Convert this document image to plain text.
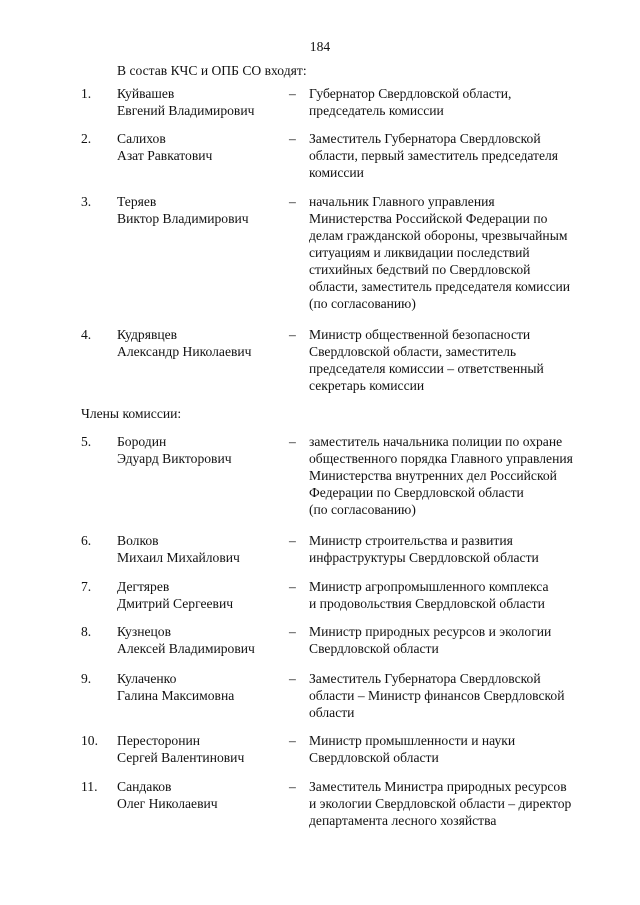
184
В состав КЧС и ОПБ СО входят:
1. Куйвашев
Евгений Владимирович
– Губернатор Свердловской области,
председатель комиссии
2. Салихов
Азат Равкатович
– Заместитель Губернатора Свердловской
области, первый заместитель председателя
комиссии
3. Теряев
Виктор Владимирович
– начальник Главного управления
Министерства Российской Федерации по
делам гражданской обороны, чрезвычайным
ситуациям и ликвидации последствий
стихийных бедствий по Свердловской
области, заместитель председателя комиссии
(по согласованию)
4. Кудрявцев
Александр Николаевич
– Министр общественной безопасности
Свердловской области, заместитель
председателя комиссии – ответственный
секретарь комиссии
Члены комиссии:
5. Бородин
Эдуард Викторович
– заместитель начальника полиции по охране
общественного порядка Главного управления
Министерства внутренних дел Российской
Федерации по Свердловской области
(по согласованию)
6. Волков
Михаил Михайлович
– Министр строительства и развития
инфраструктуры Свердловской области
7. Дегтярев
Дмитрий Сергеевич
– Министр агропромышленного комплекса
и продовольствия Свердловской области
8. Кузнецов
Алексей Владимирович
– Министр природных ресурсов и экологии
Свердловской области
9. Кулаченко
Галина Максимовна
– Заместитель Губернатора Свердловской
области – Министр финансов Свердловской
области
10. Пересторонин
Сергей Валентинович
– Министр промышленности и науки
Свердловской области
11. Сандаков
Олег Николаевич
– Заместитель Министра природных ресурсов
и экологии Свердловской области – директор
департамента лесного хозяйства
